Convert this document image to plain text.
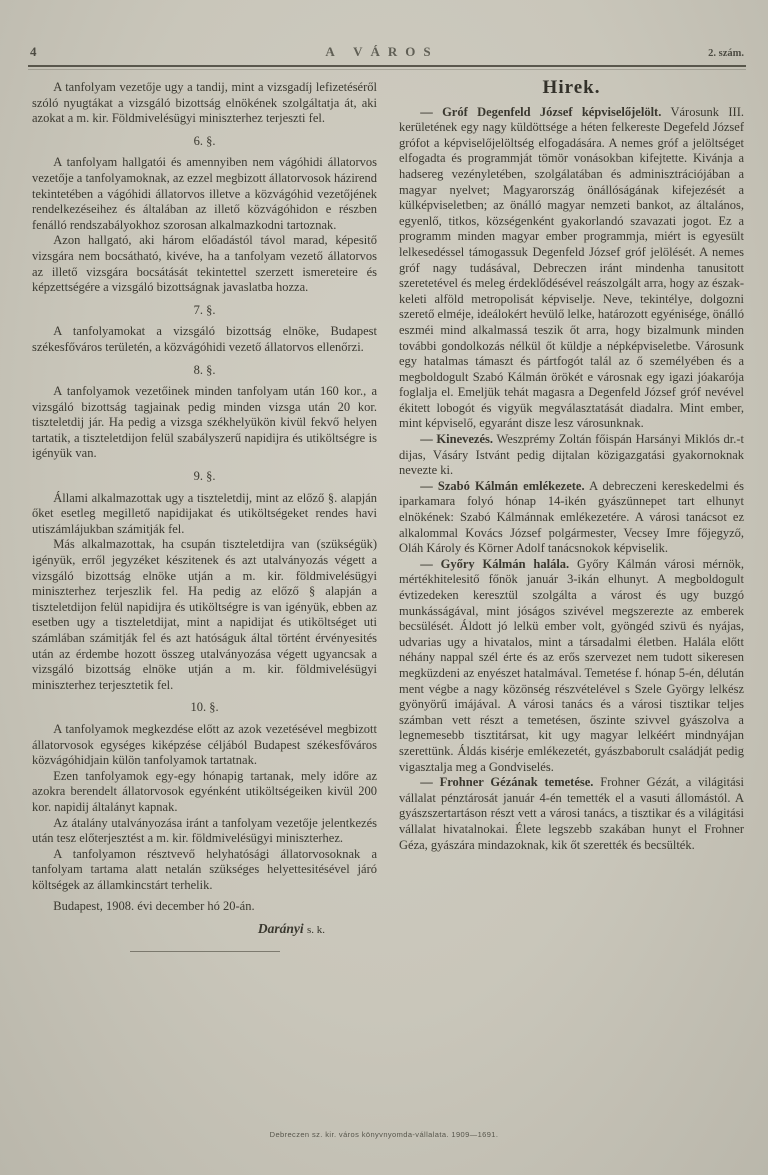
4	A VÁROS	2. szám.

A tanfolyam vezetője ugy a tandij, mint a vizsgadíj lefizetéséről szóló nyugtákat a vizsgáló bizottság elnökének szolgáltatja át, aki azokat a m. kir. Földmivelésügyi miniszterhez terjeszti fel.

6. §.

A tanfolyam hallgatói és amennyiben nem vágóhidi állatorvos vezetője a tanfolyamoknak, az ezzel megbizott állatorvosok házirend tekintetében a vágóhidi állatorvos illetve a közvágóhid vezetőjének rendelkezéseihez és általában az illető közvágóhidon e részben fenálló rendszabályokhoz szorosan alkalmazkodni tartoznak.

Azon hallgató, aki három előadástól távol marad, képesitő vizsgára nem bocsátható, kivéve, ha a tanfolyam vezető állatorvos az illető vizsgára bocsátását tekintettel szerzett ismereteire és képzettségére a vizsgáló bizottságnak javaslatba hozza.

7. §.

A tanfolyamokat a vizsgáló bizottság elnöke, Budapest székesfőváros területén, a közvágóhidi vezető állatorvos ellenőrzi.

8. §.

A tanfolyamok vezetőinek minden tanfolyam után 160 kor., a vizsgáló bizottság tagjainak pedig minden vizsga után 20 kor. tiszteletdij jár. Ha pedig a vizsga székhelyükön kivül fekvő helyen tartatik, a tiszteletdijon felül szabályszerű napidijra és utiköltségre is igényük van.

9. §.

Állami alkalmazottak ugy a tiszteletdij, mint az előző §. alapján őket esetleg megillető napidijakat és utiköltségeket rendes havi utiszámlájukban számitják fel.

Más alkalmazottak, ha csupán tiszteletdijra van (szükségük) igényük, erről jegyzéket készitenek és azt utalványozás végett a vizsgáló bizottság elnöke utján a m. kir. földmivelésügyi miniszterhez terjeszlik fel. Ha pedig az előző § alapján a tiszteletdijon felül napidijra és utiköltségre is van igényük, ebben az esetben ugy a tiszteletdijat, mint a napidijat és utiköltséget uti számlában számitják fel és azt hatóságuk által történt érvényesités után az érdembe hozott összeg utalványozása végett ugyancsak a vizsgáló bizottság elnöke utján a m. kir. földmivelésügyi miniszterhez terjesztetik fel.

10. §.

A tanfolyamok megkezdése előtt az azok vezetésével megbizott állatorvosok egységes kiképzése céljából Budapest székesfőváros közvágóhidjain külön tanfolyamok tartatnak.

Ezen tanfolyamok egy-egy hónapig tartanak, mely időre az azokra berendelt állatorvosok egyénként utiköltségeiken kivül 200 kor. napidij általányt kapnak.

Az átalány utalványozása iránt a tanfolyam vezetője jelentkezés után tesz előterjesztést a m. kir. földmivelésügyi miniszterhez.

A tanfolyamon résztvevő helyhatósági állatorvosoknak a tanfolyam tartama alatt netalán szükséges helyettesitésével járó költségek az államkincstárt terhelik.

Budapest, 1908. évi december hó 20-án.

Darányi s. k.

Hirek.

— Gróf Degenfeld József képviselőjelölt. Városunk III. kerületének egy nagy küldöttsége a héten felkereste Degefeld József grófot a képviselőjelöltség elfogadására. A nemes gróf a jelöltséget elfogadta és programmját tömör vonásokban kifejtette. Kivánja a hadsereg vezényletében, szolgálatában és adminisztrációjában a magyar nyelvet; Magyarország önállóságának kifejezését a külképviseletben; az önálló magyar nemzeti bankot, az általános, egyenlő, titkos, községenként gyakorlandó szavazati jogot. Ez a programm minden magyar ember programmja, miért is egyesült lelkesedéssel támogassuk Degenfeld József gróf jelölését. A nemes gróf nagy tudásával, Debreczen iránt mindenha tanusitott szeretetével és meleg érdeklődésével reászolgált arra, hogy az északkeleti alföld metropolisát képviselje. Neve, tekintélye, dolgozni szerető elméje, ideálokért hevülő lelke, határozott egyénisége, önálló eszméi mind alkalmassá teszik őt arra, hogy bizalmunk minden további gondolkozás nélkül őt küldje a népképviseletbe. Városunk egy hatalmas támaszt és pártfogót talál az ő személyében és a megboldogult Szabó Kálmán örökét e városnak egy igazi jóakarója foglalja el. Emeljük tehát magasra a Degenfeld József gróf nevével ékitett lobogót és vigyük megválasztatását diadalra. Mint ember, mint képviselő, egyaránt disze lesz városunknak.

— Kinevezés. Weszprémy Zoltán főispán Harsányi Miklós dr.-t dijas, Vásáry Istvánt pedig dijtalan közigazgatási gyakornoknak nevezte ki.

— Szabó Kálmán emlékezete. A debreczeni kereskedelmi és iparkamara folyó hónap 14-ikén gyászünnepet tart elhunyt elnökének: Szabó Kálmánnak emlékezetére. A városi tanácsot ez alkalommal Kovács József polgármester, Vecsey Imre főjegyző, Oláh Károly és Körner Adolf tanácsnokok képviselik.

— Győry Kálmán halála. Győry Kálmán városi mérnök, mértékhitelesitő főnök január 3-ikán elhunyt. A megboldogult évtizedeken keresztül szolgálta a várost és ugy buzgó munkásságával, mint jóságos szivével megszerezte az emberek becsülését. Áldott jó lelkü ember volt, gyöngéd szivü és nyájas, udvarias ugy a hivatalos, mint a társadalmi életben. Halála előtt néhány nappal szél érte és az erős szervezet nem tudott sikeresen megküzdeni az enyészet hatalmával. Temetése f. hónap 5-én, délután ment végbe a nagy közönség részvételével s Szele György lelkész gyönyörű imájával. A városi tanács és a városi tisztikar teljes számban vett részt a temetésen, őszinte szivvel gyászolva a legnemesebb tisztitársat, kit ugy magyar lelkéért mindnyájan szerettünk. Áldás kisérje emlékezetét, gyászbaborult családját pedig vigasztalja meg a Gondviselés.

— Frohner Gézának temetése. Frohner Gézát, a világitási vállalat pénztárosát január 4-én temették el a vasuti állomástól. A gyászszertartáson részt vett a városi tanács, a tisztikar és a világitási vállalat hivatalnokai. Élete legszebb szakában hunyt el Frohner Géza, gyászára mindazoknak, kik őt szerették és becsülték.

Debreczen sz. kir. város könyvnyomda-vállalata. 1909—1691.
